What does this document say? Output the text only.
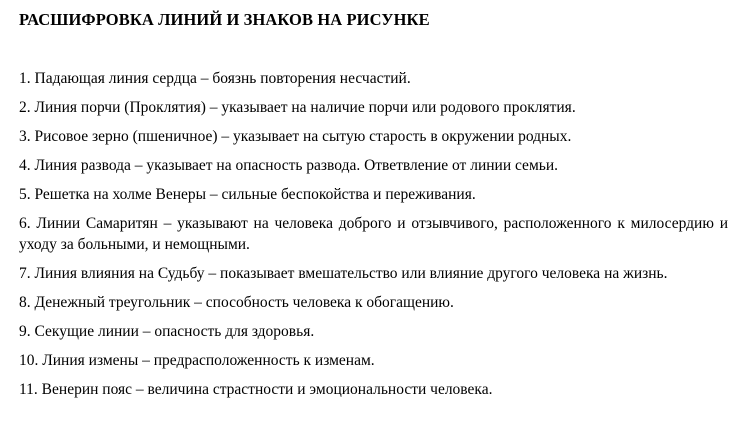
РАСШИФРОВКА ЛИНИЙ И ЗНАКОВ НА РИСУНКЕ
1. Падающая линия сердца – боязнь повторения несчастий.
2. Линия порчи (Проклятия) – указывает на наличие порчи или родового проклятия.
3. Рисовое зерно (пшеничное) – указывает на сытую старость в окружении родных.
4. Линия развода – указывает на опасность развода. Ответвление от линии семьи.
5. Решетка на холме Венеры – сильные беспокойства и переживания.
6. Линии Самаритян – указывают на человека доброго и отзывчивого, расположенного к милосердию и уходу за больными, и немощными.
7. Линия влияния на Судьбу – показывает вмешательство или влияние другого человека на жизнь.
8. Денежный треугольник – способность человека к обогащению.
9. Секущие линии – опасность для здоровья.
10. Линия измены – предрасположенность к изменам.
11. Венерин пояс – величина страстности и эмоциональности человека.
